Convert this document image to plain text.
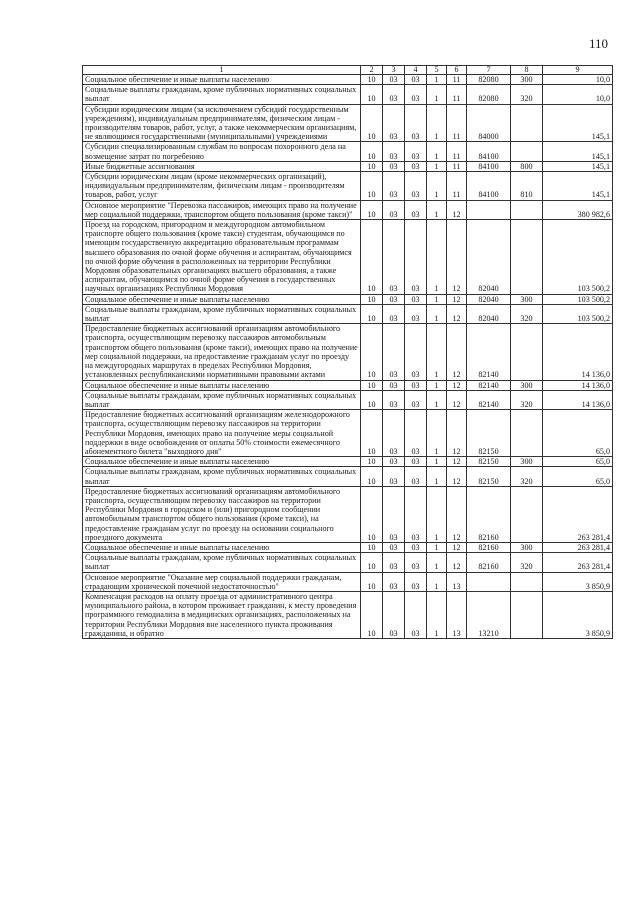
110
1	2	3	4	5	6	7	8	9
Социальное обеспечение и иные выплаты населению	10	03	03	1	11	82080	300	10,0
Социальные выплаты гражданам, кроме публичных нормативных социальных выплат	10	03	03	1	11	82080	320	10,0
Субсидии юридическим лицам (за исключением субсидий государственным учреждениям), индивидуальным предпринимателям, физическим лицам - производителям товаров, работ, услуг, а также некоммерческим организациям, не являющимся государственными (муниципальными) учреждениями	10	03	03	1	11	84000		145,1
Субсидии специализированным службам по вопросам похоронного дела на возмещение затрат по погребению	10	03	03	1	11	84100		145,1
Иные бюджетные ассигнования	10	03	03	1	11	84100	800	145,1
Субсидии юридическим лицам (кроме некоммерческих организаций), индивидуальным предпринимателям, физическим лицам - производителям товаров, работ, услуг	10	03	03	1	11	84100	810	145,1
Основное мероприятие "Перевозка пассажиров, имеющих право на получение мер социальной поддержки, транспортом общего пользования (кроме такси)"	10	03	03	1	12			380 982,6
Проезд на городском, пригородном и междугородном автомобильном транспорте общего пользования (кроме такси) студентам, обучающимся по имеющим государственную аккредитацию образовательным программам высшего образования по очной форме обучения и аспирантам, обучающимся по очной форме обучения в расположенных на территории Республики Мордовия образовательных организациях высшего образования, а также аспирантам, обучающимся по очной форме обучения в государственных научных организациях Республики Мордовия	10	03	03	1	12	82040		103 500,2
Социальное обеспечение и иные выплаты населению	10	03	03	1	12	82040	300	103 500,2
Социальные выплаты гражданам, кроме публичных нормативных социальных выплат	10	03	03	1	12	82040	320	103 500,2
Предоставление бюджетных ассигнований организациям автомобильного транспорта, осуществляющим перевозку пассажиров автомобильным транспортом общего пользования (кроме такси), имеющих право на получение мер социальной поддержки, на предоставление гражданам услуг по проезду на междугородных маршрутах в пределах Республики Мордовия, установленных республиканскими нормативными правовыми актами	10	03	03	1	12	82140		14 136,0
Социальное обеспечение и иные выплаты населению	10	03	03	1	12	82140	300	14 136,0
Социальные выплаты гражданам, кроме публичных нормативных социальных выплат	10	03	03	1	12	82140	320	14 136,0
Предоставление бюджетных ассигнований организациям железнодорожного транспорта, осуществляющим перевозку пассажиров на территории Республики Мордовия, имеющих право на получение меры социальной поддержки в виде освобождения от оплаты 50% стоимости ежемесячного абонементного билета "выходного дня"	10	03	03	1	12	82150		65,0
Социальное обеспечение и иные выплаты населению	10	03	03	1	12	82150	300	65,0
Социальные выплаты гражданам, кроме публичных нормативных социальных выплат	10	03	03	1	12	82150	320	65,0
Предоставление бюджетных ассигнований организациям автомобильного транспорта, осуществляющим перевозку пассажиров на территории Республики Мордовия в городском и (или) пригородном сообщении автомобильным транспортом общего пользования (кроме такси), на предоставление гражданам услуг по проезду на основании социального проездного документа	10	03	03	1	12	82160		263 281,4
Социальное обеспечение и иные выплаты населению	10	03	03	1	12	82160	300	263 281,4
Социальные выплаты гражданам, кроме публичных нормативных социальных выплат	10	03	03	1	12	82160	320	263 281,4
Основное мероприятие "Оказание мер социальной поддержки гражданам, страдающим хронической почечной недостаточностью"	10	03	03	1	13			3 850,9
Компенсация расходов на оплату проезда от административного центра муниципального района, в котором проживает гражданин, к месту проведения программного гемодиализа в медицинских организациях, расположенных на территории Республики Мордовия вне населенного пункта проживания гражданина, и обратно	10	03	03	1	13	13210		3 850,9
